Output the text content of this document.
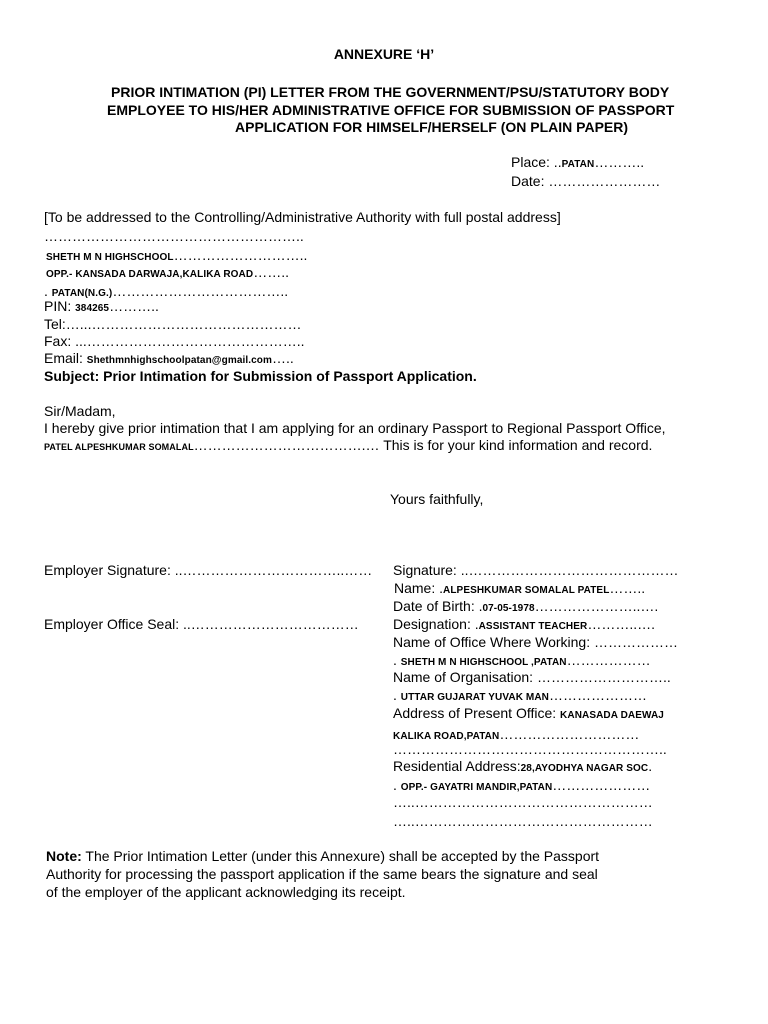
ANNEXURE ‘H’
PRIOR INTIMATION (PI) LETTER FROM THE GOVERNMENT/PSU/STATUTORY BODY
EMPLOYEE TO HIS/HER ADMINISTRATIVE OFFICE FOR SUBMISSION OF PASSPORT
APPLICATION FOR HIMSELF/HERSELF (ON PLAIN PAPER)
Place: ..PATAN………..
Date: ……………………
[To be addressed to the Controlling/Administrative Authority with full postal address]
………………………………………………..
SHETH M N HIGHSCHOOL………………………..
OPP.- KANSADA DARWAJA,KALIKA ROAD……..
. PATAN(N.G.)………………………………..
PIN: 384265………..
Tel:…...………………………………………
Fax: ...………………………………………..
Email: Shethmnhighschoolpatan@gmail.com…..
Subject: Prior Intimation for Submission of Passport Application.
Sir/Madam,
I hereby give prior intimation that I am applying for an ordinary Passport to Regional Passport Office,
PATEL ALPESHKUMAR SOMALAL……………………………….… This is for your kind information and record.
Yours faithfully,
Employer Signature: ..……………………………..……
Employer Office Seal: ..………………………………
Signature: ..………………………………………
Name: .ALPESHKUMAR SOMALAL PATEL……..
Date of Birth: .07-05-1978…………………..….
Designation: .ASSISTANT TEACHER………..….
Name of Office Where Working: ………………
. SHETH M N HIGHSCHOOL ,PATAN………………
Name of Organisation: ………………………..
. UTTAR GUJARAT YUVAK MAN…………………
Address of Present Office: KANASADA DAEWAJ
KALIKA ROAD,PATAN…………………………
…………………………………………………..
Residential Address:28,AYODHYA NAGAR SOC.
. OPP.- GAYATRI MANDIR,PATAN…………………
…..……………………………………………
…..……………………………………………
Note: The Prior Intimation Letter (under this Annexure) shall be accepted by the Passport
Authority for processing the passport application if the same bears the signature and seal
of the employer of the applicant acknowledging its receipt.
